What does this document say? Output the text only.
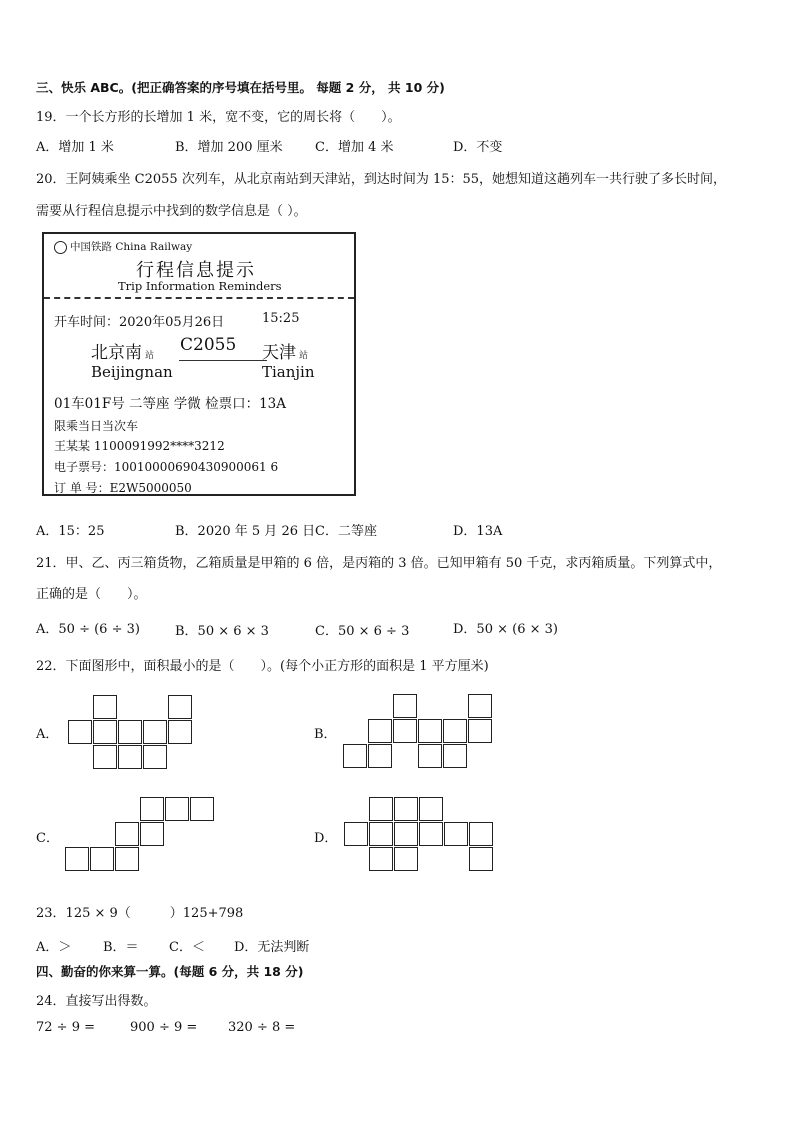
三、快乐 ABC。(把正确答案的序号填在括号里。 每题 2 分， 共 10 分)
19．一个长方形的长增加 1 米，宽不变，它的周长将（　　）。
A．增加 1 米	B．增加 200 厘米 C．增加 4 米	D．不变
20．王阿姨乘坐 C2055 次列车，从北京南站到天津站，到达时间为 15：55，她想知道这趟列车一共行驶了多长时间，
需要从行程信息提示中找到的数学信息是（ ）。
中国铁路 China Railway
行程信息提示
Trip Information Reminders
开车时间：2020年05月26日	15:25
北京南 站
C2055 天津 站
Beijingnan	Tianjin
01车01F号 二等座 学微 检票口：13A
限乘当日当次车
王某某 1100091992****3212
电子票号：10010000690430900061 6
订 单 号：E2W5000050
A．15：25	B．2020 年 5 月 26 日 C．二等座	D．13A
21．甲、乙、丙三箱货物，乙箱质量是甲箱的 6 倍，是丙箱的 3 倍。已知甲箱有 50 千克，求丙箱质量。下列算式中，
正确的是（　　）。
A．50 ÷ (6 ÷ 3)	B．50 × 6 × 3	C．50 × 6 ÷ 3	D．50 × (6 × 3)
22．下面图形中，面积最小的是（　　）。(每个小正方形的面积是 1 平方厘米)
A．	B．
C．	D．
23．125 × 9（　　　）125+798
A．＞ B．＝ C．＜ D．无法判断
四、勤奋的你来算一算。(每题 6 分，共 18 分)
24．直接写出得数。
72 ÷ 9 =	900 ÷ 9 = 320 ÷ 8 =
